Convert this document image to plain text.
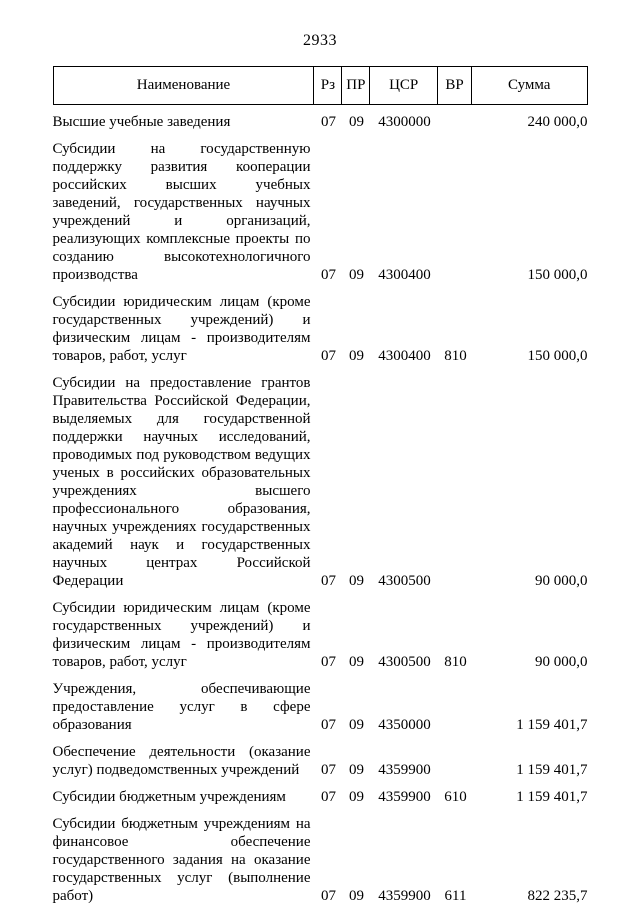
2933
Наименование	Рз ПР	ЦСР	ВР	Сумма
Высшие учебные заведения	07 09 4300000	240 000,0
Субсидии на государственную поддержку развития кооперации российских высших учебных заведений, государственных научных учреждений и организаций, реализующих комплексные проекты по созданию высокотехнологичного производства	07 09 4300400	150 000,0
Субсидии юридическим лицам (кроме государственных учреждений) и физическим лицам - производителям товаров, работ, услуг	07 09 4300400 810	150 000,0
Субсидии на предоставление грантов Правительства Российской Федерации, выделяемых для государственной поддержки научных исследований, проводимых под руководством ведущих ученых в российских образовательных учреждениях высшего профессионального образования, научных учреждениях государственных академий наук и государственных научных центрах Российской Федерации	07 09 4300500	90 000,0
Субсидии юридическим лицам (кроме государственных учреждений) и физическим лицам - производителям товаров, работ, услуг	07 09 4300500 810	90 000,0
Учреждения, обеспечивающие предоставление услуг в сфере образования	07 09 4350000	1 159 401,7
Обеспечение деятельности (оказание услуг) подведомственных учреждений	07 09 4359900	1 159 401,7
Субсидии бюджетным учреждениям	07 09 4359900 610	1 159 401,7
Субсидии бюджетным учреждениям на финансовое обеспечение государственного задания на оказание государственных услуг (выполнение работ)	07 09 4359900 611	822 235,7
